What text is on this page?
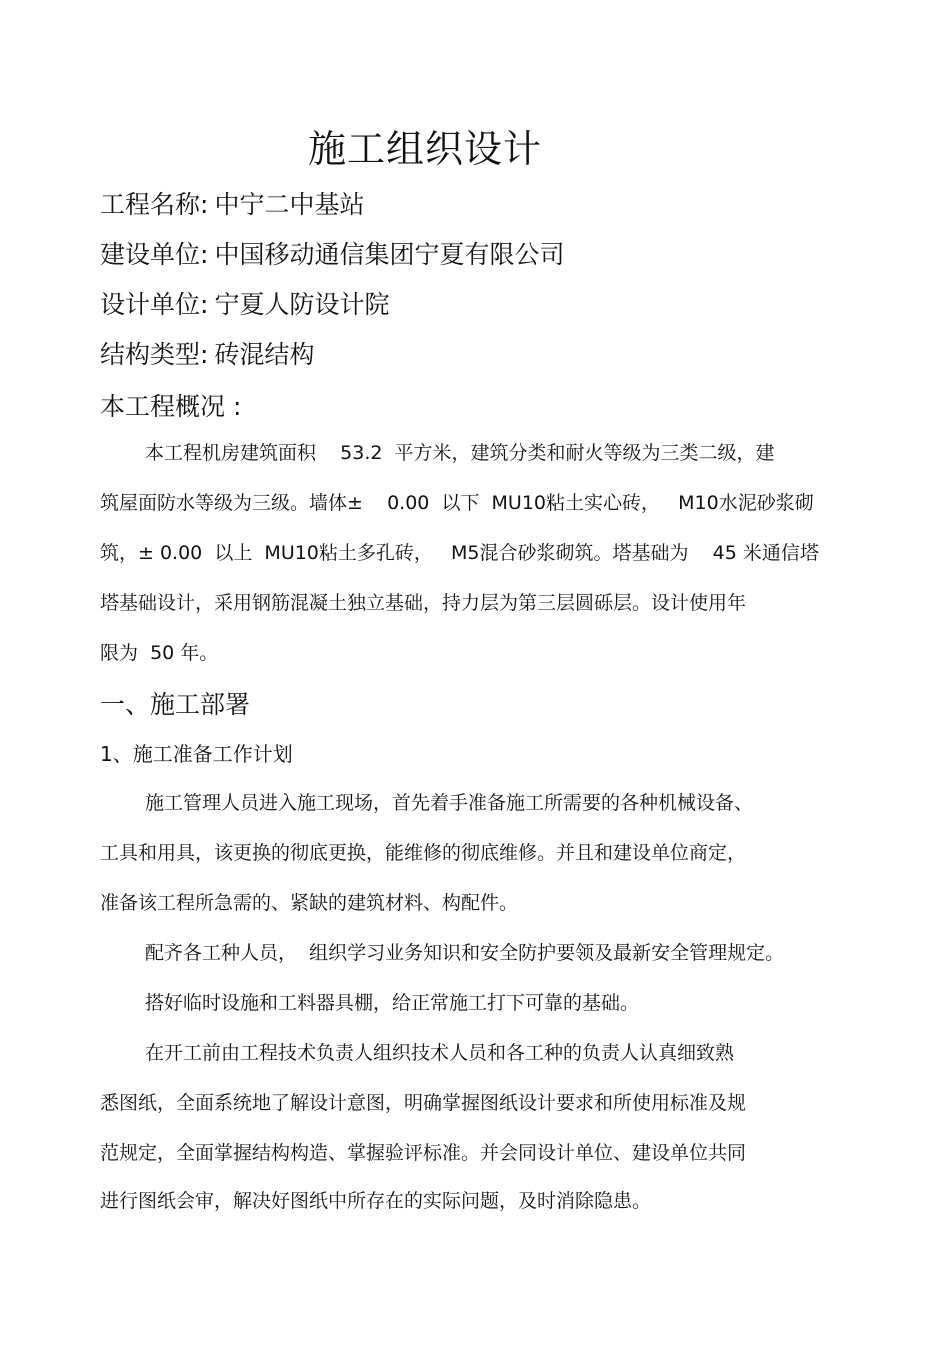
施工组织设计
工程名称: 中宁二中基站
建设单位: 中国移动通信集团宁夏有限公司
设计单位: 宁夏人防设计院
结构类型: 砖混结构
本工程概况 :
本工程机房建筑面积    53.2  平方米，建筑分类和耐火等级为三类二级，建
筑屋面防水等级为三级。墙体±    0.00  以下  MU10粘土实心砖，   M10水泥砂浆砌
筑，± 0.00  以上  MU10粘土多孔砖，   M5混合砂浆砌筑。塔基础为    45 米通信塔
塔基础设计，采用钢筋混凝土独立基础，持力层为第三层圆砾层。设计使用年
限为  50 年。
一、施工部署
1、施工准备工作计划
施工管理人员进入施工现场，首先着手准备施工所需要的各种机械设备、
工具和用具，该更换的彻底更换，能维修的彻底维修。并且和建设单位商定，
准备该工程所急需的、紧缺的建筑材料、构配件。
配齐各工种人员，  组织学习业务知识和安全防护要领及最新安全管理规定。
搭好临时设施和工料器具棚，给正常施工打下可靠的基础。
在开工前由工程技术负责人组织技术人员和各工种的负责人认真细致熟
悉图纸，全面系统地了解设计意图，明确掌握图纸设计要求和所使用标准及规
范规定，全面掌握结构构造、掌握验评标准。并会同设计单位、建设单位共同
进行图纸会审，解决好图纸中所存在的实际问题，及时消除隐患。
